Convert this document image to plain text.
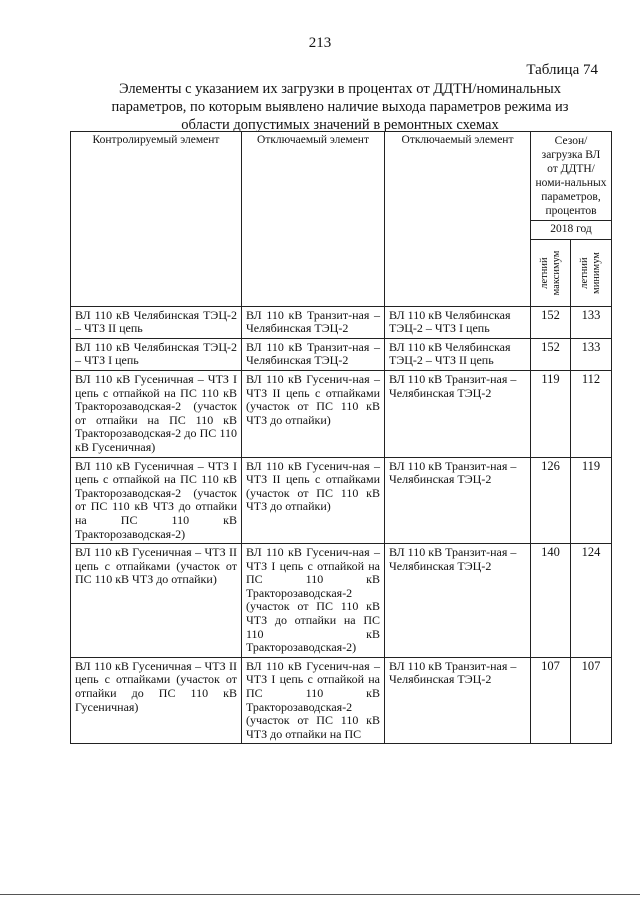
213
Таблица 74
Элементы с указанием их загрузки в процентах от ДДТН/номинальных параметров, по которым выявлено наличие выхода параметров режима из области допустимых значений в ремонтных схемах
Контролируемый элемент	Отключаемый элемент	Отключаемый элемент	Сезон/ загрузка ВЛ от ДДТН/номи-нальных параметров, процентов	
			2018 год	

			летний максимум	летний минимум

ВЛ 110 кВ Челябинская ТЭЦ-2 – ЧТЗ II цепь	ВЛ 110 кВ Транзит-ная – Челябинская ТЭЦ-2	ВЛ 110 кВ Челябинская ТЭЦ-2 – ЧТЗ I цепь	152	133
ВЛ 110 кВ Челябинская ТЭЦ-2 – ЧТЗ I цепь	ВЛ 110 кВ Транзит-ная – Челябинская ТЭЦ-2	ВЛ 110 кВ Челябинская ТЭЦ-2 – ЧТЗ II цепь	152	133
ВЛ 110 кВ Гусеничная – ЧТЗ I цепь с отпайкой на ПС 110 кВ Тракторозаводская-2 (участок от отпайки на ПС 110 кВ Тракторозаводская-2 до ПС 110 кВ Гусеничная)	ВЛ 110 кВ Гусенич-ная – ЧТЗ II цепь с отпайками (участок от ПС 110 кВ ЧТЗ до отпайки)	ВЛ 110 кВ Транзит-ная – Челябинская ТЭЦ-2	119	112
ВЛ 110 кВ Гусеничная – ЧТЗ I цепь с отпайкой на ПС 110 кВ Тракторозаводская-2 (участок от ПС 110 кВ ЧТЗ до отпайки на ПС 110 кВ Тракторозаводская-2)	ВЛ 110 кВ Гусенич-ная – ЧТЗ II цепь с отпайками (участок от ПС 110 кВ ЧТЗ до отпайки)	ВЛ 110 кВ Транзит-ная – Челябинская ТЭЦ-2	126	119
ВЛ 110 кВ Гусеничная – ЧТЗ II цепь с отпайками (участок от ПС 110 кВ ЧТЗ до отпайки)	ВЛ 110 кВ Гусенич-ная – ЧТЗ I цепь с отпайкой на ПС 110 кВ Тракторозаводская-2 (участок от ПС 110 кВ ЧТЗ до отпайки на ПС 110 кВ Тракторозаводская-2)	ВЛ 110 кВ Транзит-ная – Челябинская ТЭЦ-2	140	124
ВЛ 110 кВ Гусеничная – ЧТЗ II цепь с отпайками (участок от отпайки до ПС 110 кВ Гусеничная)	ВЛ 110 кВ Гусенич-ная – ЧТЗ I цепь с отпайкой на ПС 110 кВ Тракторозаводская-2 (участок от ПС 110 кВ ЧТЗ до отпайки на ПС	ВЛ 110 кВ Транзит-ная – Челябинская ТЭЦ-2	107	107
